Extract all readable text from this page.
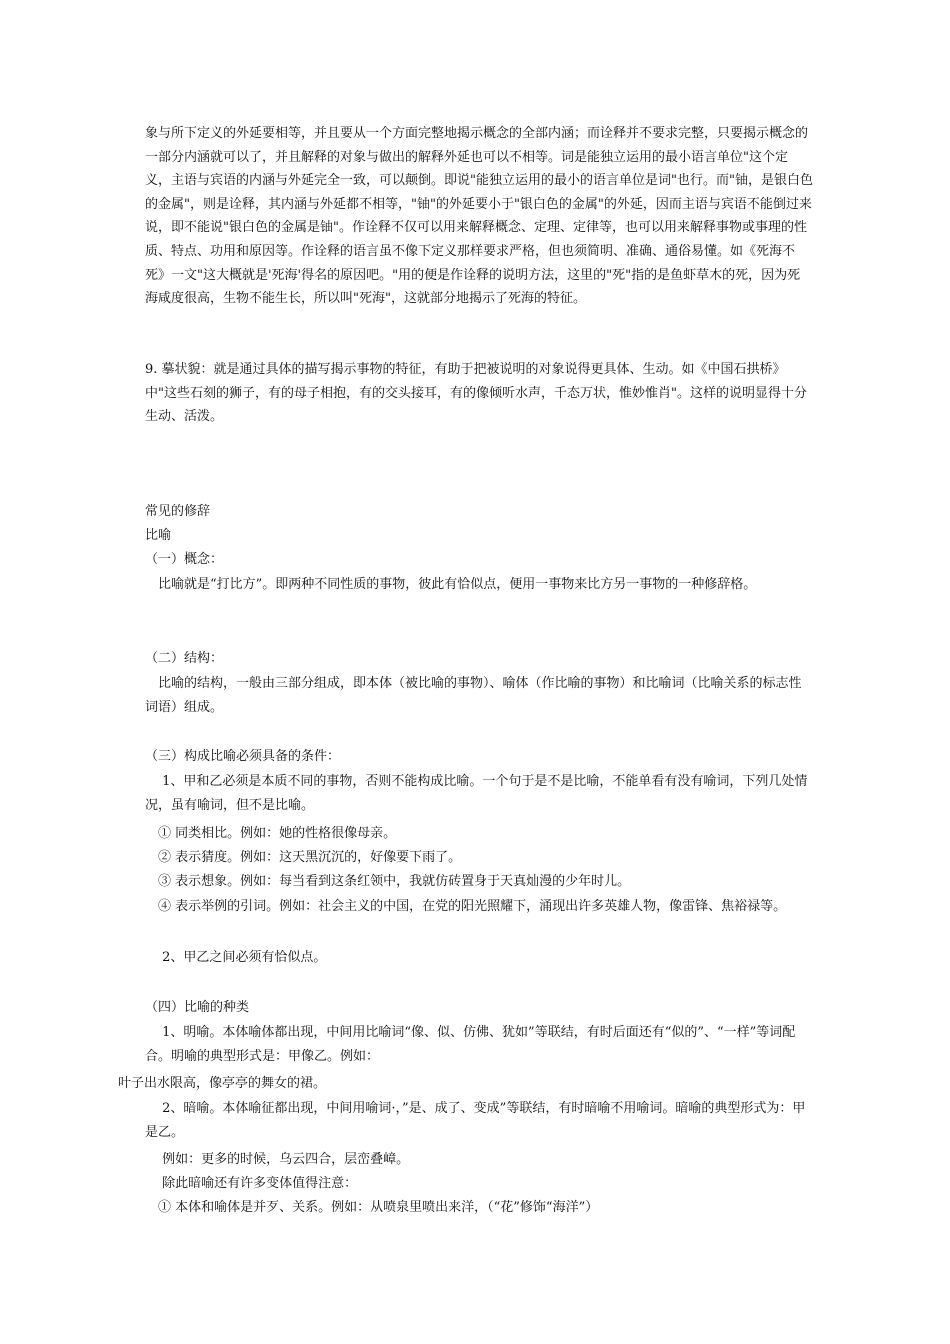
象与所下定义的外延要相等，并且要从一个方面完整地揭示概念的全部内涵；而诠释并不要求完整，只要揭示概念的一部分内涵就可以了，并且解释的对象与做出的解释外延也可以不相等。词是能独立运用的最小语言单位"这个定义，主语与宾语的内涵与外延完全一致，可以颠倒。即说"能独立运用的最小的语言单位是词"也行。而"铀，是银白色的金属"，则是诠释，其内涵与外延都不相等，"铀"的外延要小于"银白色的金属"的外延，因而主语与宾语不能倒过来说，即不能说"银白色的金属是铀"。作诠释不仅可以用来解释概念、定理、定律等，也可以用来解释事物或事理的性质、特点、功用和原因等。作诠释的语言虽不像下定义那样要求严格，但也须简明、准确、通俗易懂。如《死海不死》一文"这大概就是'死海'得名的原因吧。"用的便是作诠释的说明方法，这里的"死"指的是鱼虾草木的死，因为死海咸度很高，生物不能生长，所以叫"死海"，这就部分地揭示了死海的特征。

9. 摹状貌：就是通过具体的描写揭示事物的特征，有助于把被说明的对象说得更具体、生动。如《中国石拱桥》中"这些石刻的狮子，有的母子相抱，有的交头接耳，有的像倾听水声，千态万状，惟妙惟肖"。这样的说明显得十分生动、活泼。

常见的修辞
比喻
（一）概念：
　比喻就是“打比方”。即两种不同性质的事物，彼此有恰似点，便用一事物来比方另一事物的一种修辞格。
（二）结构：

　比喻的结构，一般由三部分组成，即本体（被比喻的事物）、喻体（作比喻的事物）和比喻词（比喻关系的标志性词语）组成。

（三）构成比喻必须具备的条件：

　 1、甲和乙必须是本质不同的事物，否则不能构成比喻。一个句于是不是比喻，不能单看有没有喻词，下列几处情况，虽有喻词，但不是比喻。

　① 同类相比。例如：她的性格很像母亲。
　② 表示猜度。例如：这天黑沉沉的，好像要下雨了。
　③ 表示想象。例如：每当看到这条红领中，我就仿砖置身于天真灿漫的少年时儿。

　④ 表示举例的引词。例如：社会主义的中国，在党的阳光照耀下，涌现出许多英雄人物，像雷锋、焦裕禄等。

　 2、甲乙之间必须有恰似点。
（四）比喻的种类

　 1、明喻。本体喻体都出现，中间用比喻词“像、似、仿佛、犹如”等联结，有时后面还有“似的”、“一样”等词配合。明喻的典型形式是：甲像乙。例如：

叶子出水限高，像亭亭的舞女的裙。

　 2、暗喻。本体喻征都出现，中间用喻词·，”是、成了、变成”等联结，有时暗喻不用喻词。暗喻的典型形式为：甲是乙。

　 例如：更多的时候，乌云四合，层峦叠嶂。
　 除此暗喻还有许多变体值得注意：
　① 本体和喻体是并歹、关系。例如：从喷泉里喷出来洋，（“花”修饰“海洋”）
